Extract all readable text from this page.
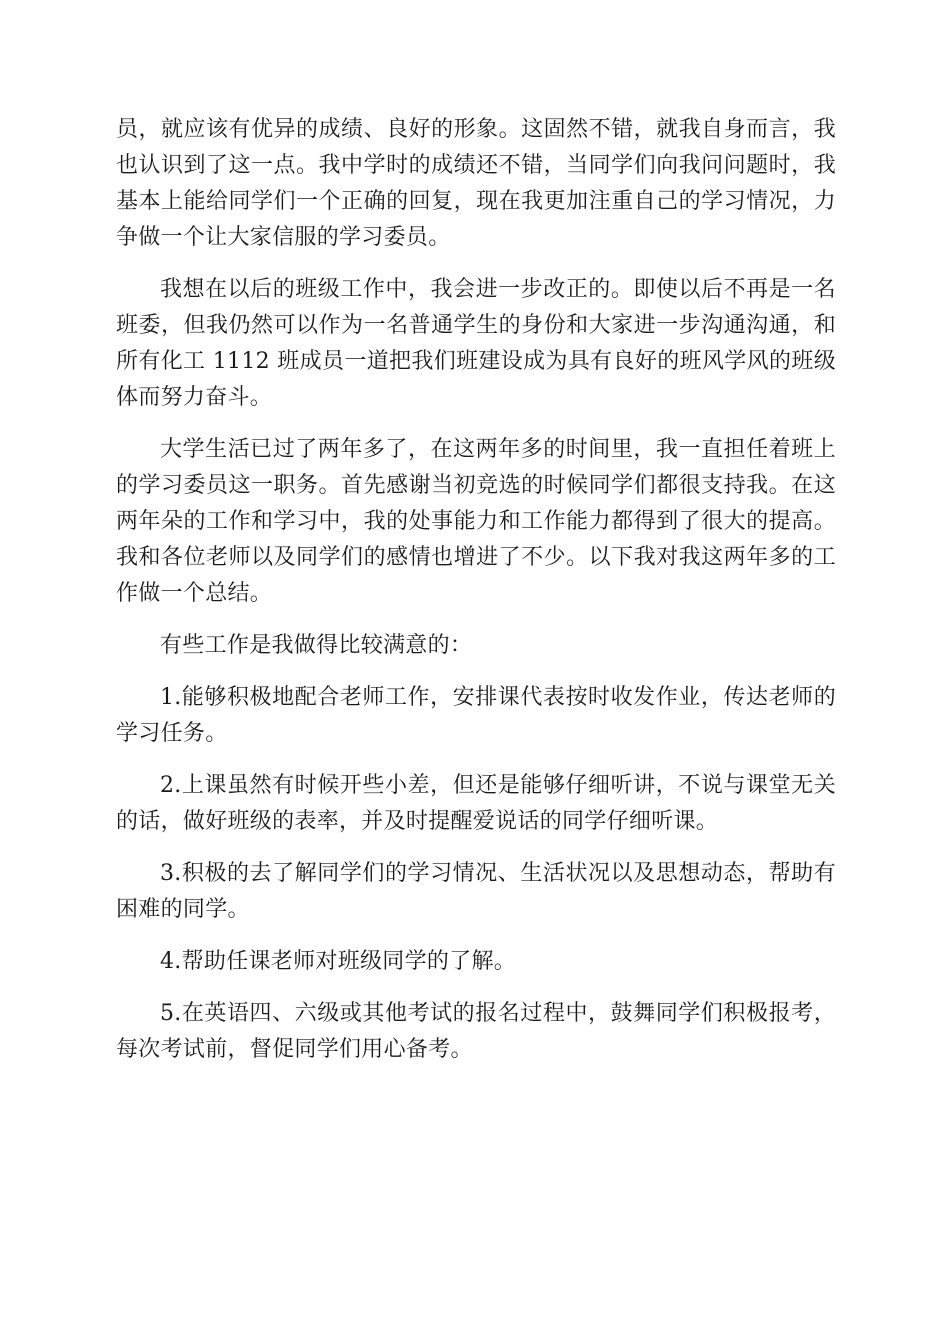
员，就应该有优异的成绩、良好的形象。这固然不错，就我自身而言，我也认识到了这一点。我中学时的成绩还不错，当同学们向我问问题时，我基本上能给同学们一个正确的回复，现在我更加注重自己的学习情况，力争做一个让大家信服的学习委员。

我想在以后的班级工作中，我会进一步改正的。即使以后不再是一名班委，但我仍然可以作为一名普通学生的身份和大家进一步沟通沟通，和所有化工 1112 班成员一道把我们班建设成为具有良好的班风学风的班级体而努力奋斗。

大学生活已过了两年多了，在这两年多的时间里，我一直担任着班上的学习委员这一职务。首先感谢当初竞选的时候同学们都很支持我。在这两年朵的工作和学习中，我的处事能力和工作能力都得到了很大的提高。我和各位老师以及同学们的感情也增进了不少。以下我对我这两年多的工作做一个总结。

有些工作是我做得比较满意的：

1.能够积极地配合老师工作，安排课代表按时收发作业，传达老师的学习任务。

2.上课虽然有时候开些小差，但还是能够仔细听讲，不说与课堂无关的话，做好班级的表率，并及时提醒爱说话的同学仔细听课。

3.积极的去了解同学们的学习情况、生活状况以及思想动态，帮助有困难的同学。

4.帮助任课老师对班级同学的了解。

5.在英语四、六级或其他考试的报名过程中，鼓舞同学们积极报考，每次考试前，督促同学们用心备考。
